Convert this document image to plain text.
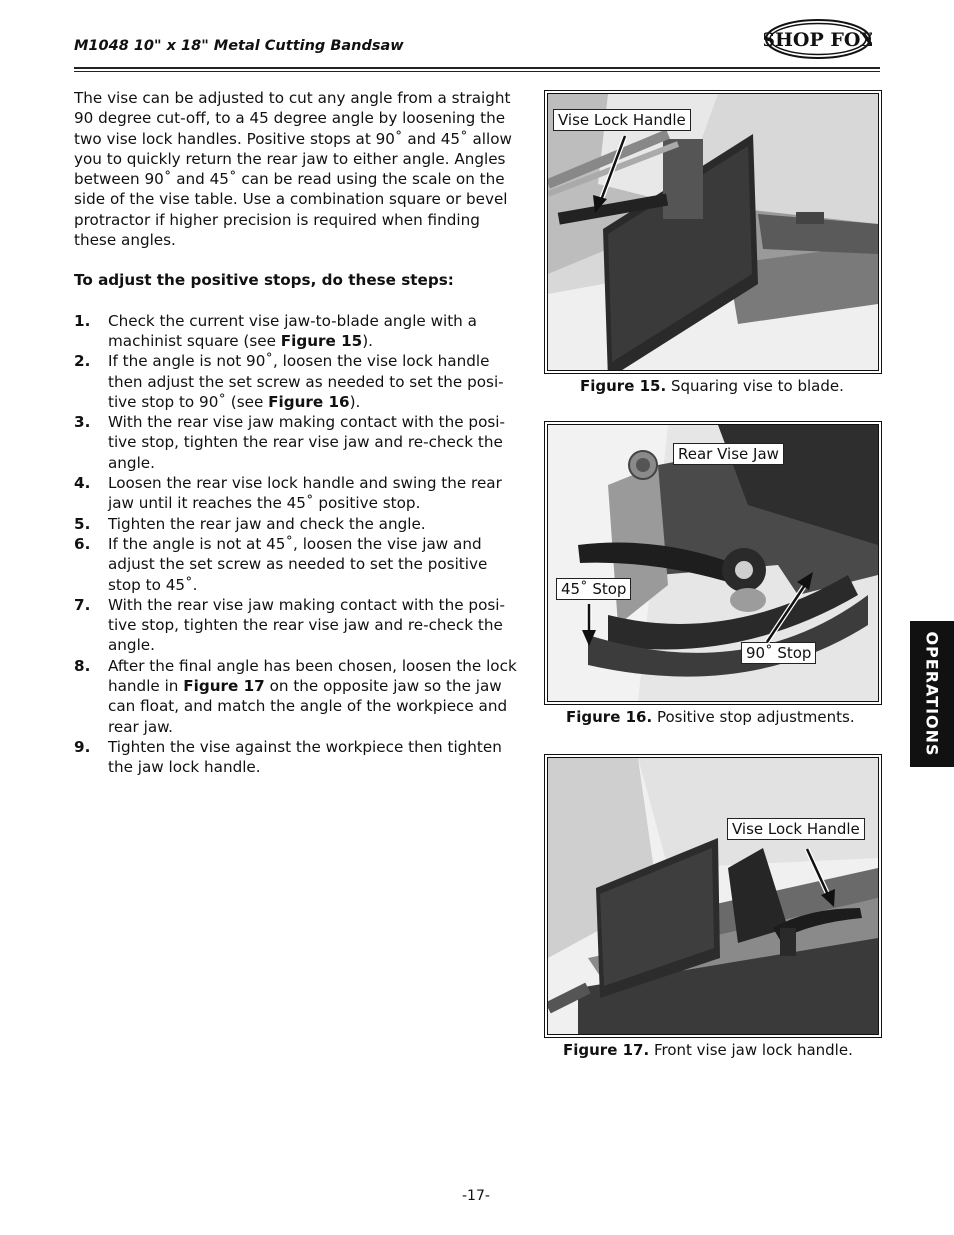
M1048 10" x 18" Metal Cutting Bandsaw	SHOP FOX

The vise can be adjusted to cut any angle from a straight 90 degree cut-off, to a 45 degree angle by loosening the two vise lock handles. Positive stops at 90˚ and 45˚ allow you to quickly return the rear jaw to either angle. Angles between 90˚ and 45˚ can be read using the scale on the side of the vise table. Use a combination square or bevel protractor if higher precision is required when finding these angles.

To adjust the positive stops, do these steps:

1. Check the current vise jaw-to-blade angle with a machinist square (see Figure 15).

2. If the angle is not 90˚, loosen the vise lock handle then adjust the set screw as needed to set the posi-tive stop to 90˚ (see Figure 16).

3. With the rear vise jaw making contact with the posi-tive stop, tighten the rear vise jaw and re-check the angle.

4. Loosen the rear vise lock handle and swing the rear jaw until it reaches the 45˚ positive stop.

5. Tighten the rear jaw and check the angle.

6. If the angle is not at 45˚, loosen the vise jaw and adjust the set screw as needed to set the positive stop to 45˚.

7. With the rear vise jaw making contact with the posi-tive stop, tighten the rear vise jaw and re-check the angle.

8. After the final angle has been chosen, loosen the lock handle in Figure 17 on the opposite jaw so the jaw can float, and match the angle of the workpiece and rear jaw.

9. Tighten the vise against the workpiece then tighten the jaw lock handle.

Vise Lock Handle
Figure 15. Squaring vise to blade.
Rear Vise Jaw
45˚ Stop
90˚ Stop
Figure 16. Positive stop adjustments.
Vise Lock Handle
Figure 17. Front vise jaw lock handle.
OPERATIONS
-17-
